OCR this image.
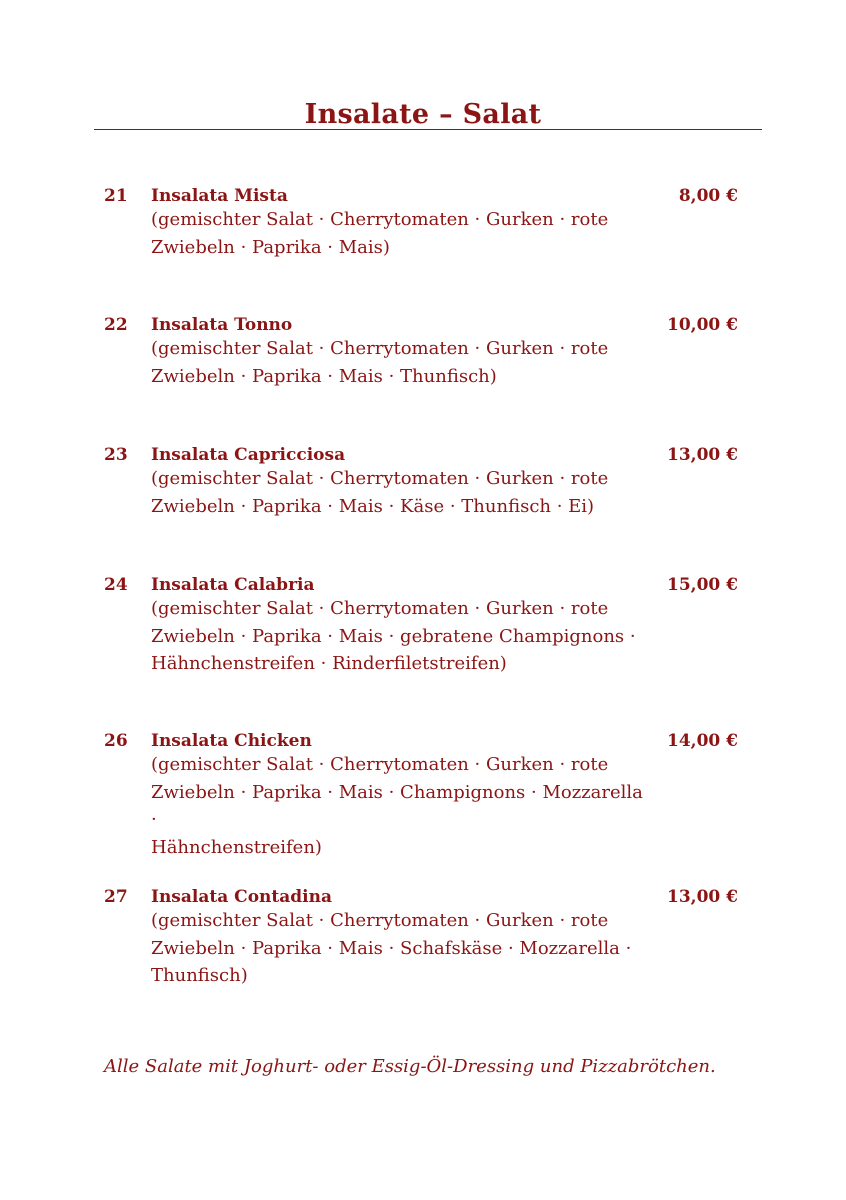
Insalate – Salat
21 Insalata Mista	8,00 €
(gemischter Salat · Cherrytomaten · Gurken · rote
Zwiebeln · Paprika · Mais)
22 Insalata Tonno	10,00 €
(gemischter Salat · Cherrytomaten · Gurken · rote
Zwiebeln · Paprika · Mais · Thunfisch)
23 Insalata Capricciosa	13,00 €
(gemischter Salat · Cherrytomaten · Gurken · rote
Zwiebeln · Paprika · Mais · Käse · Thunfisch · Ei)
24 Insalata Calabria	15,00 €
(gemischter Salat · Cherrytomaten · Gurken · rote
Zwiebeln · Paprika · Mais · gebratene Champignons ·
Hähnchenstreifen · Rinderfiletstreifen)
26 Insalata Chicken	14,00 €
(gemischter Salat · Cherrytomaten · Gurken · rote
Zwiebeln · Paprika · Mais · Champignons · Mozzarella ·
Hähnchenstreifen)
27 Insalata Contadina	13,00 €
(gemischter Salat · Cherrytomaten · Gurken · rote
Zwiebeln · Paprika · Mais · Schafskäse · Mozzarella ·
Thunfisch)

Alle Salate mit Joghurt- oder Essig-Öl-Dressing und Pizzabrötchen.
